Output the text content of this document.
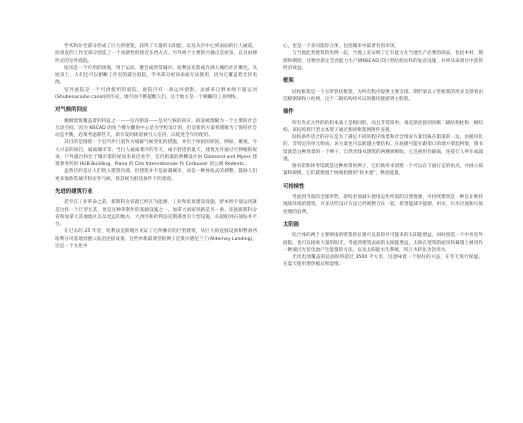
学术和住宅部分形成了巨大的壁架，获得了大量的太阳能，以及从市中心到南面的行人通道。而垂直的工作室部分创造了一个戏剧性的接近东西方式。另外两个主要的兴趣点是屋顶，以及由梯形式的室外庭院。

屋顶是一个可用的场地，用于运动、聚会或欣赏城市。哈利法克斯或许满大城的社区聚色。从屋顶上，人们还可以俯瞰工作室的露台庭院，学术部分屋顶表面无法使用，因为它覆盖着光伏电池。

室外庭院是一个可供使用的庭院，庭院内有一条运河创影，灵感来自野本纳卡迪运河(Shubenacadie canal)的历史，地平面不断提醒人们，这个地方是一个相螺的工业网络。

对气候的回应

翘级建筑覆盖着的特征之一——室内街道——是对气候的回应。街道被理解为一个主要的社会互动空间，因为 NSCAD 的鱼兰楼尔翻询中心是为学校设计的，但是新的方案将理解为了保持社会动态平衡，必须考虑那些天，新开发的街道被引入室内，以促进全年的使用。

其目的是围绕一个室内步行道作为缓解气候变化的措施，并出于体验的原因，例如，聚观，令人兴奋的项目，通离城市等，当行人通离寒冷的冬天，或不舒适的夏天，建筑允许通过可伸缩的屋顶，户外露台和位于城市道的屋顶来看近来学，室内街道的两侧设计由 Diamond and Myers 建筑事务所的 HUB Building、Piano 的 Cite Internationale 和 Corbusier 的公寓 Redents。

虽然目的是让人们进入建筑内部，但建筑并不是面满城市，而是一种体验式的调整，鼓励人们更多地欣赏城市和室外气候，将其视为舒适条件下的景观。

先进的建筑行业

甚至在工业革命之前，新斯科舍省就已经在为能源、工业和贸易建设设施。舒本纳卡迪运河就是这样一个巨型尤其，也是这种茅斯作的基础设施之一，加拿大国家铁路是另一条。连接新斯科舍省和加拿大其他地区以及更远的地方，大西洋和哈利法克斯港也有大型设施，从船舶到石油钻井平台。

在过去的 25 年里，哈利法克斯地区见证了它所擁有的巨型建筑，从巨大的连接设备和警备西哈利分司基地到港口前沿连接设备，这些单新最典型的例子是奥尔德尼兰丁(Alderney Landing)，这是一个文化中

心，也是一个多功能综合体，包括城市中最著名的市场。

与当地此类建筑的先例一起，当地工业证明了它有能力在当地生产必要的商品，包括木材、钢源和钢铁，这物享新定全食能力生产极NSCAD 的巨型结构这样的复杂设施，并将从该项目中获得经济效益。

框架

结构框架是一个方形管状框架，为所有程序提供主要支撑。期形梁以立管框架的形式支撑着由次级钢梁和立柱网，这个二级结构将可以的模块链接到主框架。

插件

所有夹式元件的结构本质上是相同的，而且非常简单。垂直梁连接到次级二级结构柱和一级结构，该结构将巨型文本架子通过相同框架网附件连接，

结构条件适合的存在是为了满足不同的程序场景和社会情况方案切拔在街道的一边，由模块化的，非特定的单元组成，该方案也可以跨越主要结构。在底板可能在跟架口的地方架起桥梁，图书馆就是这种场景的一个例子，自然光线从建筑的两侧被吸收。它还被用作隔离，连接行人停车或减速。

图书馆和休寿馆就是这种场景的例子，它们被用来创建一个可以在下面行走的角点，并展示质量和规模，它们就像置于两端松散的"软木塞"，释放能量。

可持续性

考虑到当前的全球形势，架构必须减少使用运作所需的自然资源，可持续建筑是一种旨在维持地球环境的建筑，许多这些设计方法已经被整合在一起，希望能减少能源、用水、污水径流和垃圾处理的浪费。

太阳能

综合体的两个主要朝南的壁架的位置可以获得尽可能多的太阳能增益，同时创造一个中央室外庭院，也可以接收大量的阳光，考虑到建筑表面的太阳能增益，太阳在建筑的屋顶和幕墙上被用作一种通过光伏电池产生能量的方法，以及太阳能水生系统，将万水转化为饮用水。

光伏电池覆盖的总面积将超过 3500 平方米，这意味着一个很好的方法，在冬天进行保温，在夏天使用增热模式和能维。
